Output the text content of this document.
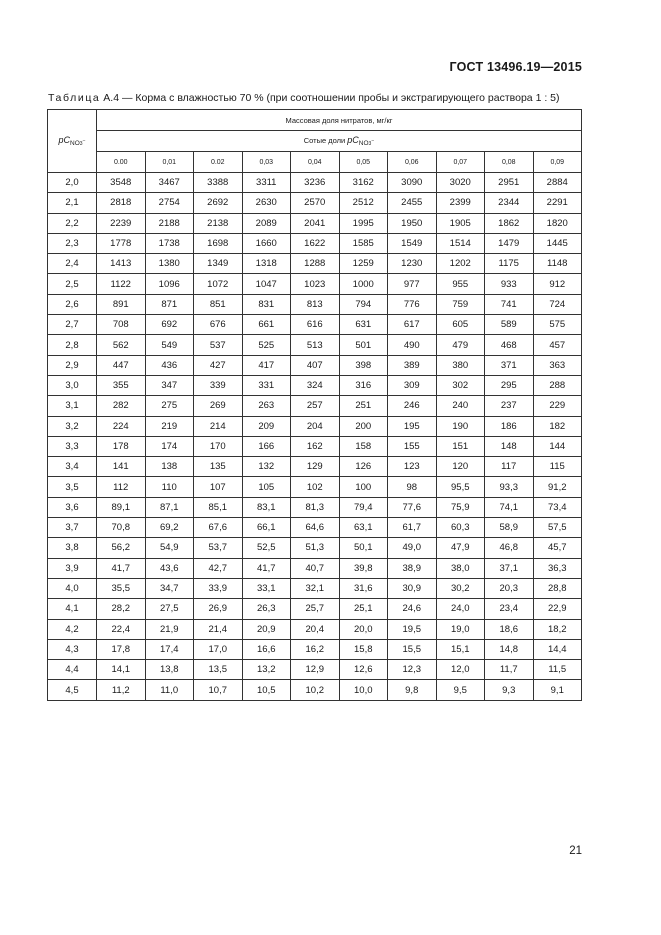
ГОСТ 13496.19—2015
Таблица А.4 — Корма с влажностью 70 % (при соотношении пробы и экстрагирующего раствора 1 : 5)
$pC_{NO3^-}$	Массовая доля нитратов, мг/кг									
	Сотые доли $pC_{NO3^-}$
	0.00	0,01	0.02	0,03	0,04	0,05	0,06	0,07	0,08	0,09
2,0	3548	3467	3388	3311	3236	3162	3090	3020	2951	2884
2,1	2818	2754	2692	2630	2570	2512	2455	2399	2344	2291
2,2	2239	2188	2138	2089	2041	1995	1950	1905	1862	1820
2,3	1778	1738	1698	1660	1622	1585	1549	1514	1479	1445
2,4	1413	1380	1349	1318	1288	1259	1230	1202	1175	1148
2,5	1122	1096	1072	1047	1023	1000	977	955	933	912
2,6	891	871	851	831	813	794	776	759	741	724
2,7	708	692	676	661	616	631	617	605	589	575
2,8	562	549	537	525	513	501	490	479	468	457
2,9	447	436	427	417	407	398	389	380	371	363
3,0	355	347	339	331	324	316	309	302	295	288
3,1	282	275	269	263	257	251	246	240	237	229
3,2	224	219	214	209	204	200	195	190	186	182
3,3	178	174	170	166	162	158	155	151	148	144
3,4	141	138	135	132	129	126	123	120	117	115
3,5	112	110	107	105	102	100	98	95,5	93,3	91,2
3,6	89,1	87,1	85,1	83,1	81,3	79,4	77,6	75,9	74,1	73,4
3,7	70,8	69,2	67,6	66,1	64,6	63,1	61,7	60,3	58,9	57,5
3,8	56,2	54,9	53,7	52,5	51,3	50,1	49,0	47,9	46,8	45,7
3,9	41,7	43,6	42,7	41,7	40,7	39,8	38,9	38,0	37,1	36,3
4,0	35,5	34,7	33,9	33,1	32,1	31,6	30,9	30,2	20,3	28,8
4,1	28,2	27,5	26,9	26,3	25,7	25,1	24,6	24,0	23,4	22,9
4,2	22,4	21,9	21,4	20,9	20,4	20,0	19,5	19,0	18,6	18,2
4,3	17,8	17,4	17,0	16,6	16,2	15,8	15,5	15,1	14,8	14,4
4,4	14,1	13,8	13,5	13,2	12,9	12,6	12,3	12,0	11,7	11,5
4,5	11,2	11,0	10,7	10,5	10,2	10,0	9,8	9,5	9,3	9,1
21
